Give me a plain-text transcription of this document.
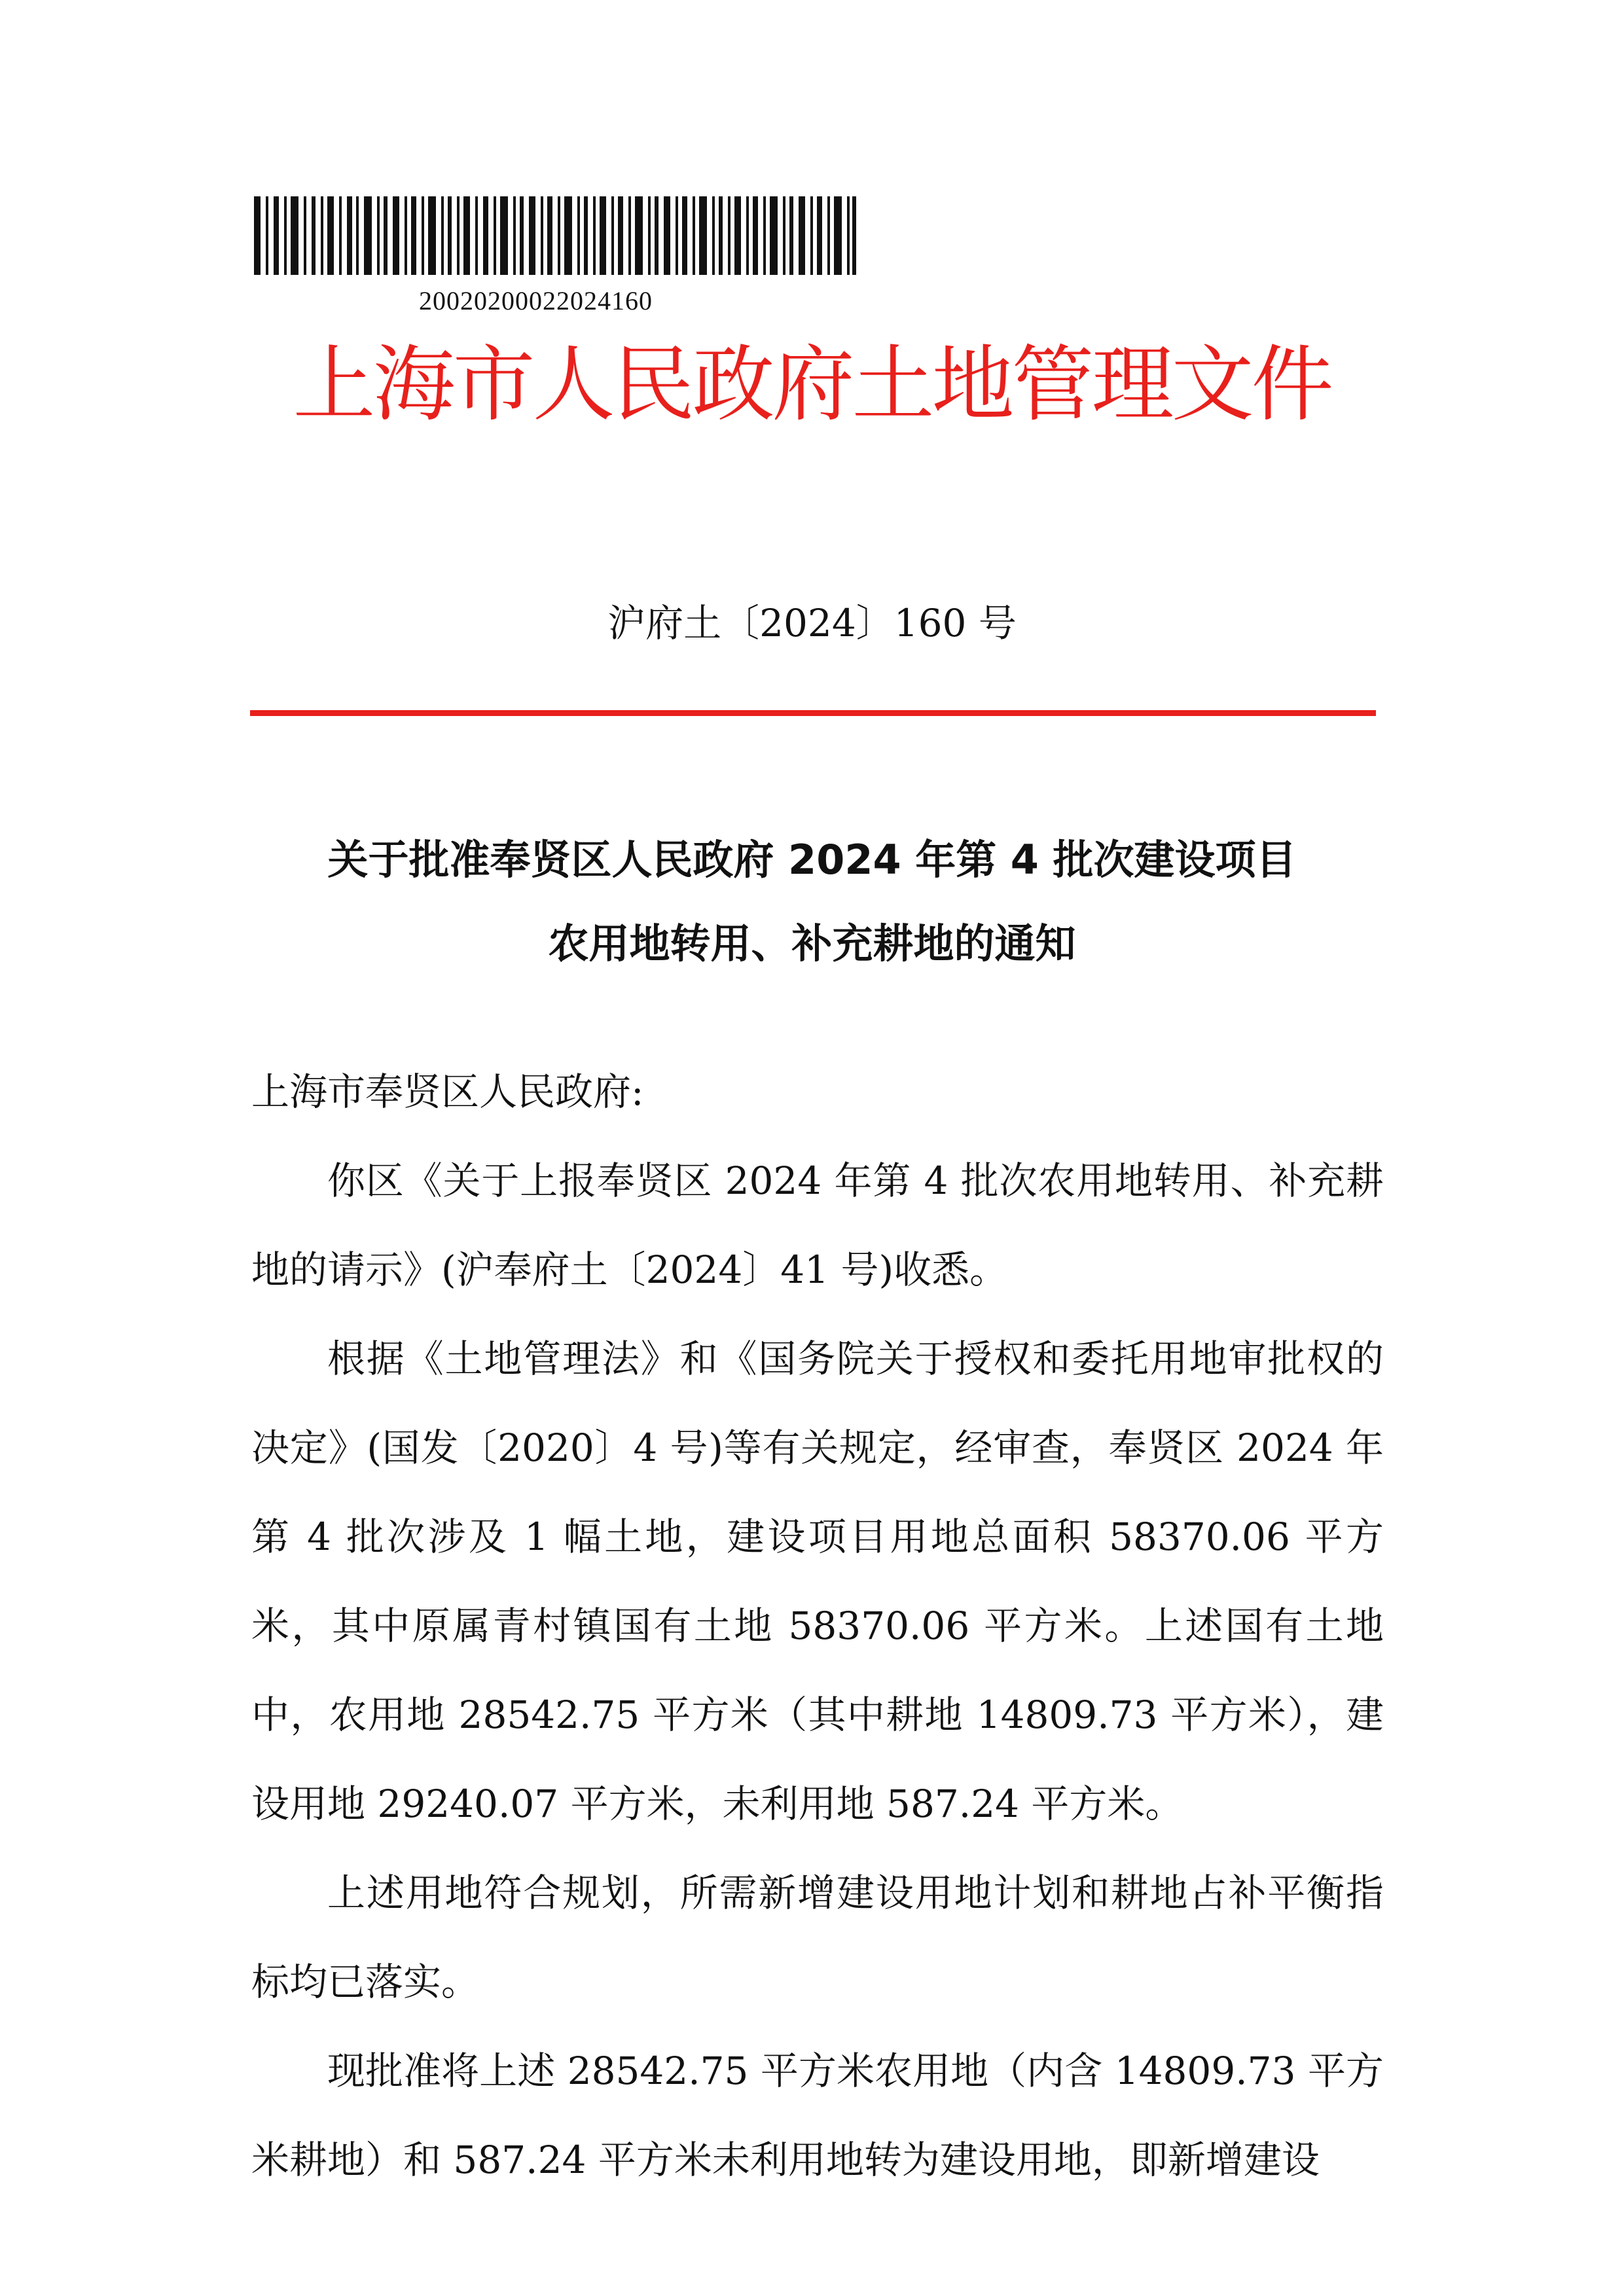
20020200022024160
上海市人民政府土地管理文件
沪府土〔2024〕160 号
关于批准奉贤区人民政府 2024 年第 4 批次建设项目
农用地转用、补充耕地的通知

上海市奉贤区人民政府:

你区《关于上报奉贤区 2024 年第 4 批次农用地转用、补充耕地的请示》(沪奉府土〔2024〕41 号)收悉。

根据《土地管理法》和《国务院关于授权和委托用地审批权的决定》(国发〔2020〕4 号)等有关规定，经审查，奉贤区 2024 年第 4 批次涉及 1 幅土地，建设项目用地总面积 58370.06 平方米，其中原属青村镇国有土地 58370.06 平方米。上述国有土地中，农用地 28542.75 平方米（其中耕地 14809.73 平方米），建设用地 29240.07 平方米，未利用地 587.24 平方米。

上述用地符合规划，所需新增建设用地计划和耕地占补平衡指标均已落实。

现批准将上述 28542.75 平方米农用地（内含 14809.73 平方米耕地）和 587.24 平方米未利用地转为建设用地，即新增建设
